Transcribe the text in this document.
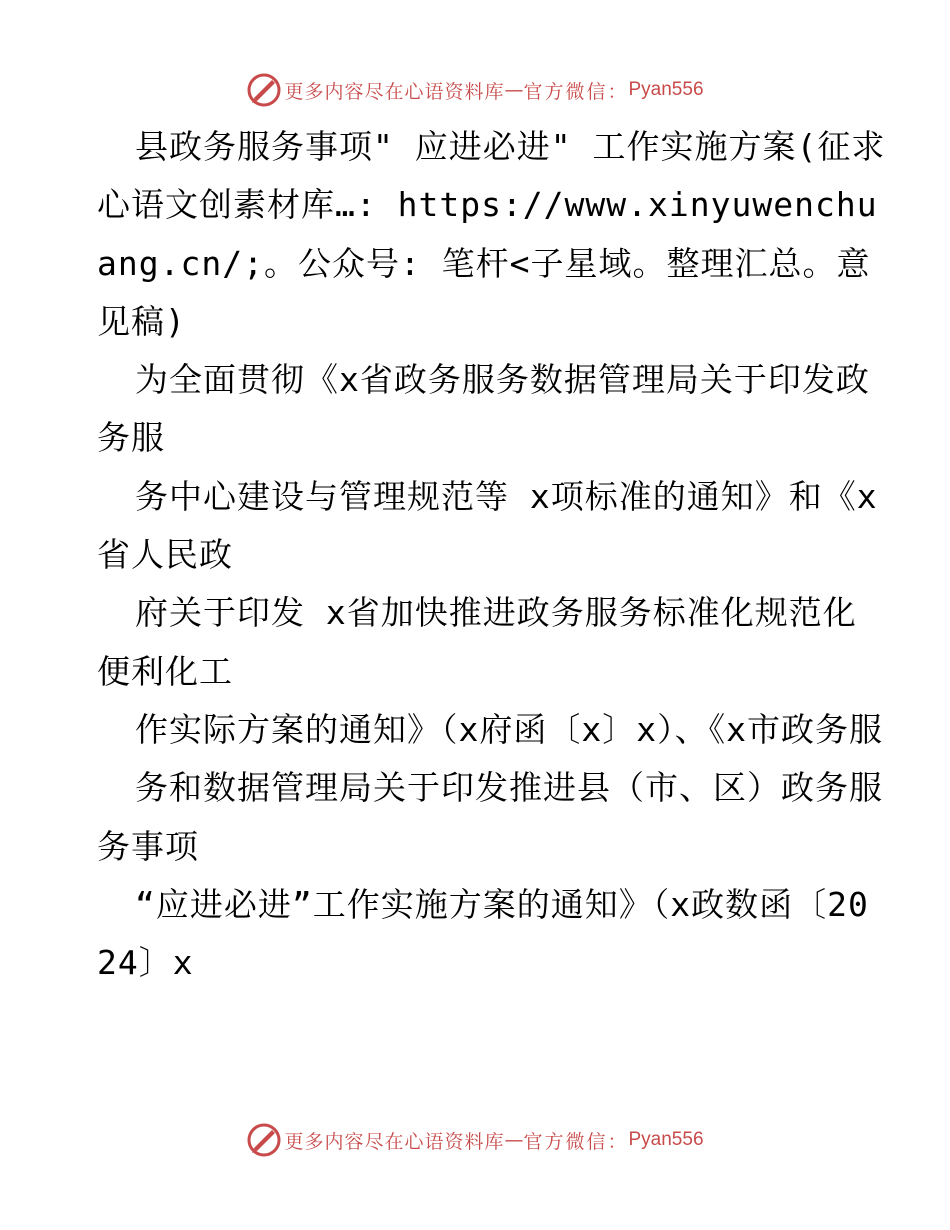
更多内容尽在心语资料库 — 官方微信： Pyan556

县政务服务事项" 应进必进" 工作实施方案(征求心语文创素材库…: https://www.xinyuwenchuang.cn/;。公众号: 笔杆<子星域。整理汇总。意见稿)

为全面贯彻《x省政务服务数据管理局关于印发政务服

务中心建设与管理规范等 x项标准的通知》和《x省人民政

府关于印发 x省加快推进政务服务标准化规范化便利化工

作实际方案的通知》（x府函〔x〕x）、《x市政务服

务和数据管理局关于印发推进县（市、区）政务服务事项

“应进必进”工作实施方案的通知》（x政数函〔2024〕x

更多内容尽在心语资料库 — 官方微信： Pyan556
